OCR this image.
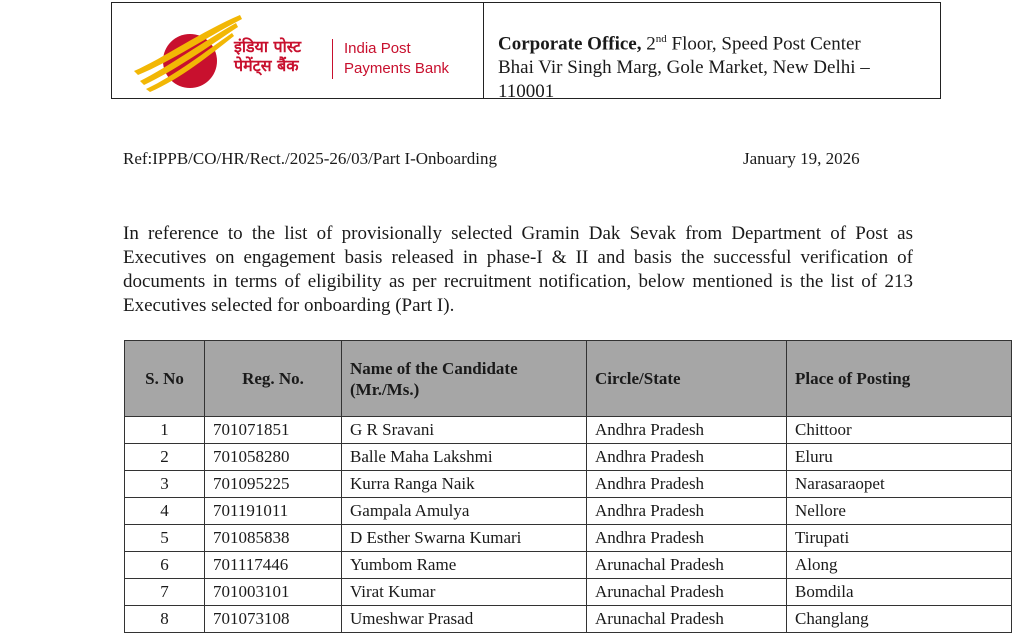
इंडिया पोस्ट
पेमेंट्स बैंक
India Post
Payments Bank
Corporate Office, 2nd Floor, Speed Post Center
Bhai Vir Singh Marg, Gole Market, New Delhi –
110001
Ref:IPPB/CO/HR/Rect./2025-26/03/Part I-Onboarding	January 19, 2026
In reference to the list of provisionally selected Gramin Dak Sevak from Department of Post as Executives on engagement basis released in phase-I & II and basis the successful verification of documents in terms of eligibility as per recruitment notification, below mentioned is the list of 213 Executives selected for onboarding (Part I).
S. No	Reg. No.	Name of the Candidate (Mr./Ms.)	Circle/State	Place of Posting
1	701071851	G R Sravani	Andhra Pradesh	Chittoor
2	701058280	Balle Maha Lakshmi	Andhra Pradesh	Eluru
3	701095225	Kurra Ranga Naik	Andhra Pradesh	Narasaraopet
4	701191011	Gampala Amulya	Andhra Pradesh	Nellore
5	701085838	D Esther Swarna Kumari	Andhra Pradesh	Tirupati
6	701117446	Yumbom Rame	Arunachal Pradesh	Along
7	701003101	Virat Kumar	Arunachal Pradesh	Bomdila
8	701073108	Umeshwar Prasad	Arunachal Pradesh	Changlang
